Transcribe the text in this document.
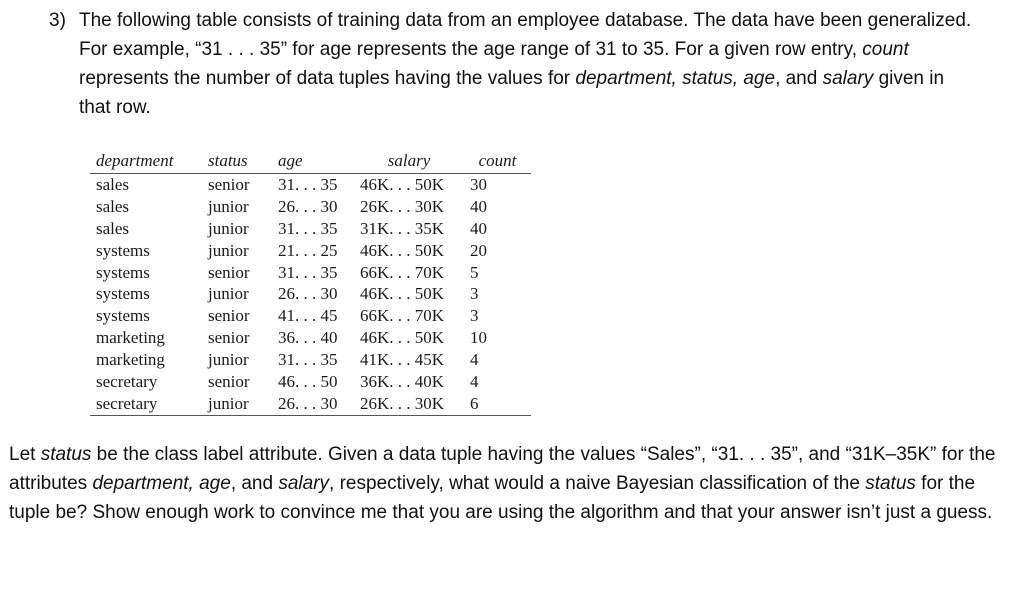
3) The following table consists of training data from an employee database. The data have been generalized. For example, “31 . . . 35” for age represents the age range of 31 to 35. For a given row entry, count represents the number of data tuples having the values for department, status, age, and salary given in that row.

department	status	age	salary	count
sales	senior	31. . . 35	46K. . . 50K	30
sales	junior	26. . . 30	26K. . . 30K	40
sales	junior	31. . . 35	31K. . . 35K	40
systems	junior	21. . . 25	46K. . . 50K	20
systems	senior	31. . . 35	66K. . . 70K	5
systems	junior	26. . . 30	46K. . . 50K	3
systems	senior	41. . . 45	66K. . . 70K	3
marketing	senior	36. . . 40	46K. . . 50K	10
marketing	junior	31. . . 35	41K. . . 45K	4
secretary	senior	46. . . 50	36K. . . 40K	4
secretary	junior	26. . . 30	26K. . . 30K	6

Let status be the class label attribute. Given a data tuple having the values “Sales”, “31. . . 35”, and “31K–35K” for the attributes department, age, and salary, respectively, what would a naive Bayesian classification of the status for the tuple be? Show enough work to convince me that you are using the algorithm and that your answer isn’t just a guess.
